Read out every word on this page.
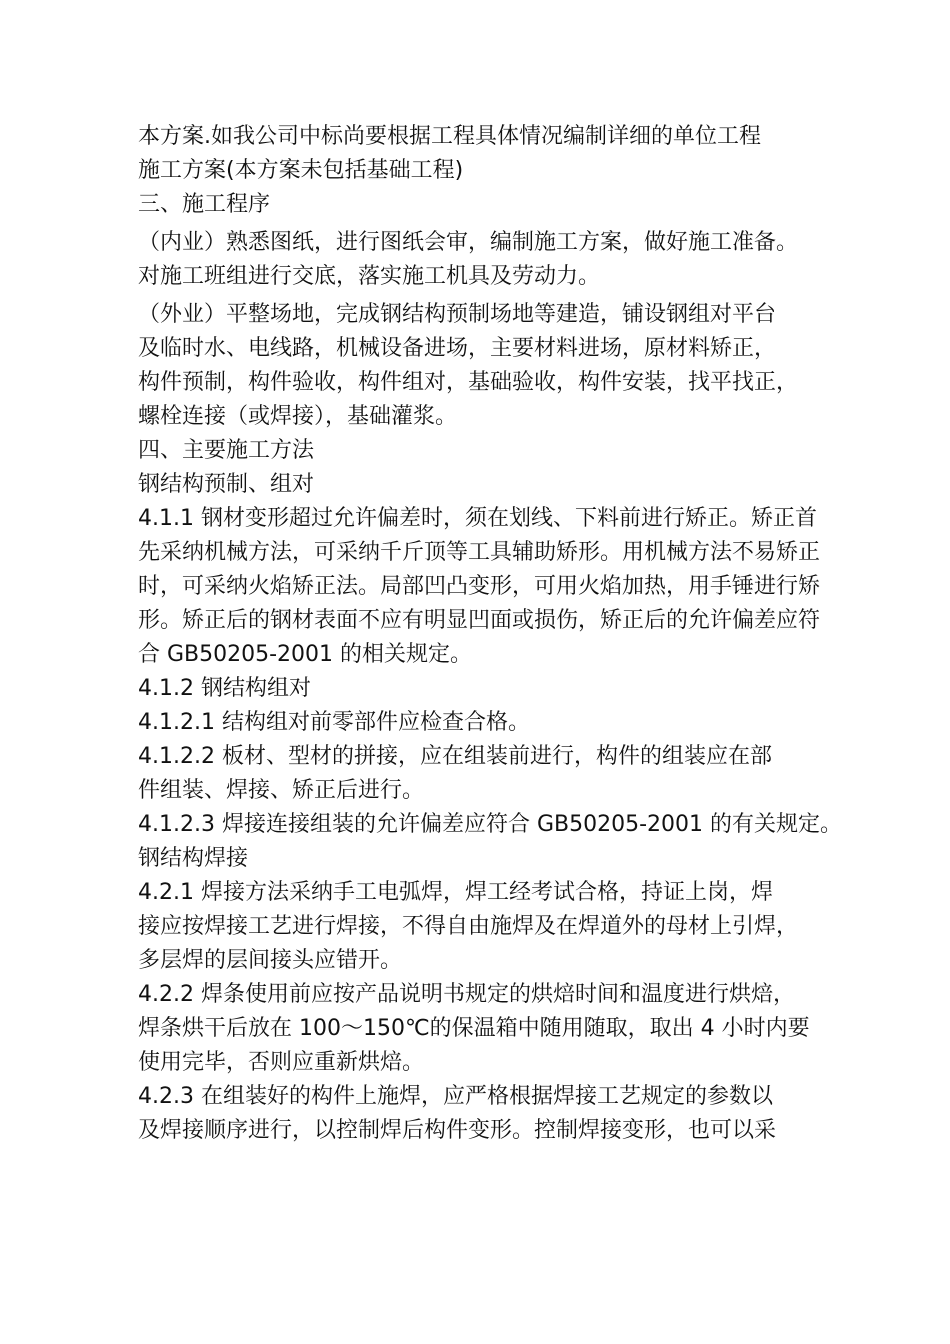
本方案.如我公司中标尚要根据工程具体情况编制详细的单位工程
施工方案(本方案未包括基础工程)
三、施工程序
（内业）熟悉图纸，进行图纸会审，编制施工方案，做好施工准备。
对施工班组进行交底，落实施工机具及劳动力。
（外业）平整场地，完成钢结构预制场地等建造，铺设钢组对平台
及临时水、电线路，机械设备进场，主要材料进场，原材料矫正，
构件预制，构件验收，构件组对，基础验收，构件安装，找平找正，
螺栓连接（或焊接），基础灌浆。
四、主要施工方法
钢结构预制、组对
4.1.1 钢材变形超过允许偏差时，须在划线、下料前进行矫正。矫正首
先采纳机械方法，可采纳千斤顶等工具辅助矫形。用机械方法不易矫正
时，可采纳火焰矫正法。局部凹凸变形，可用火焰加热，用手锤进行矫
形。矫正后的钢材表面不应有明显凹面或损伤，矫正后的允许偏差应符
合 GB50205-2001 的相关规定。
4.1.2 钢结构组对
4.1.2.1 结构组对前零部件应检查合格。
4.1.2.2 板材、型材的拼接，应在组装前进行，构件的组装应在部
件组装、焊接、矫正后进行。
4.1.2.3 焊接连接组装的允许偏差应符合 GB50205-2001 的有关规定。
钢结构焊接
4.2.1 焊接方法采纳手工电弧焊，焊工经考试合格，持证上岗，焊
接应按焊接工艺进行焊接，不得自由施焊及在焊道外的母材上引焊，
多层焊的层间接头应错开。
4.2.2 焊条使用前应按产品说明书规定的烘焙时间和温度进行烘焙，
焊条烘干后放在 100～150℃的保温箱中随用随取，取出 4 小时内要
使用完毕，否则应重新烘焙。
4.2.3 在组装好的构件上施焊，应严格根据焊接工艺规定的参数以
及焊接顺序进行，以控制焊后构件变形。控制焊接变形，也可以采
